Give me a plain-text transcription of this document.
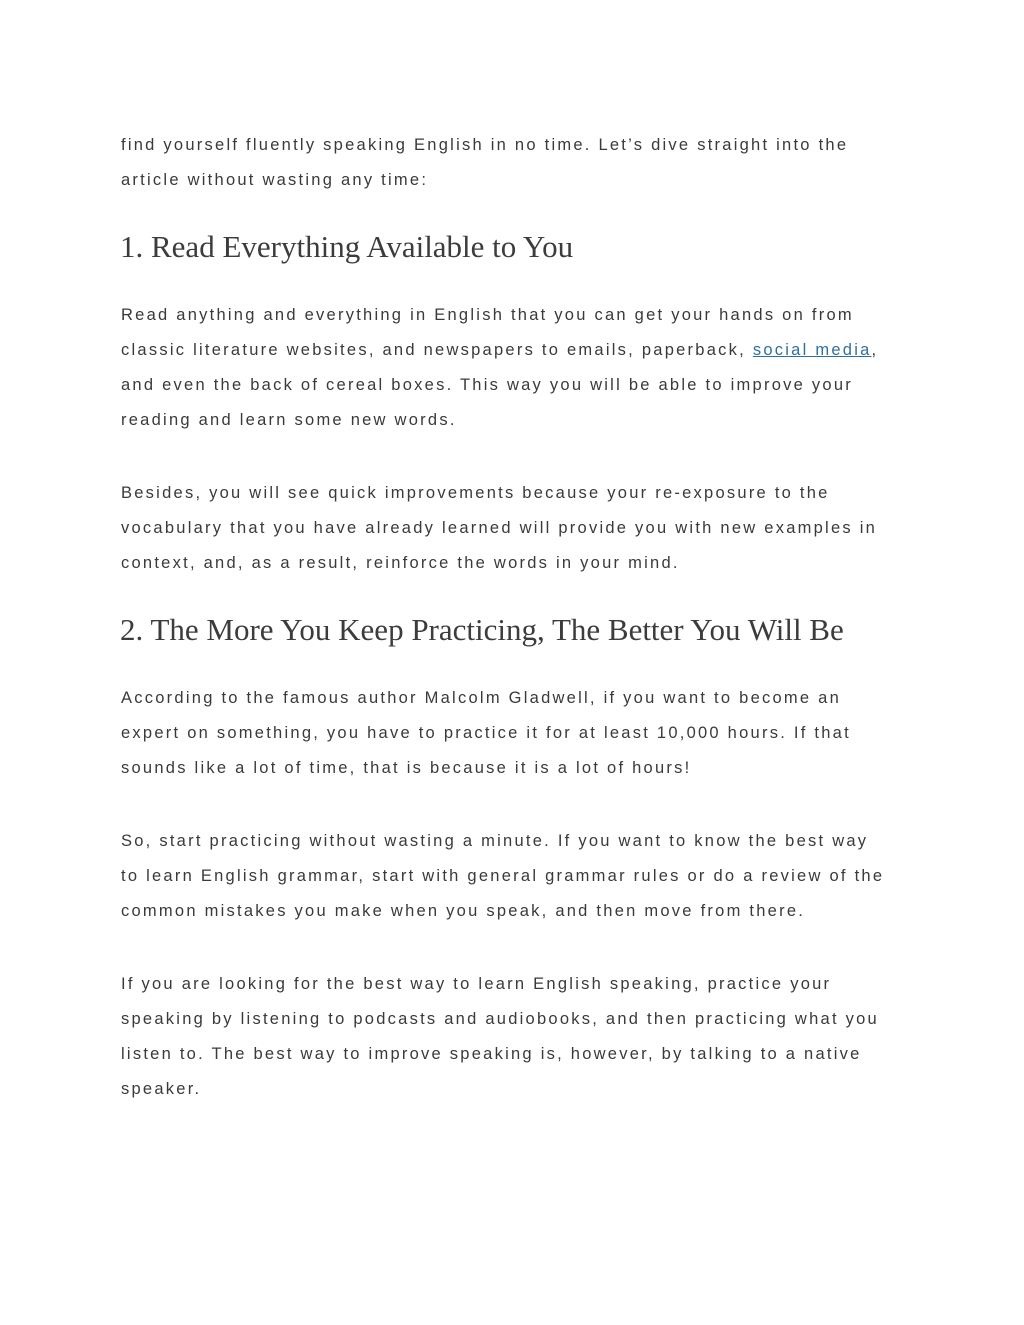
find yourself fluently speaking English in no time. Let’s dive straight into the
article without wasting any time:

1. Read Everything Available to You

Read anything and everything in English that you can get your hands on from
classic literature websites, and newspapers to emails, paperback, social media,
and even the back of cereal boxes. This way you will be able to improve your
reading and learn some new words.

Besides, you will see quick improvements because your re-exposure to the
vocabulary that you have already learned will provide you with new examples in
context, and, as a result, reinforce the words in your mind.

2. The More You Keep Practicing, The Better You Will Be

According to the famous author Malcolm Gladwell, if you want to become an
expert on something, you have to practice it for at least 10,000 hours. If that
sounds like a lot of time, that is because it is a lot of hours!

So, start practicing without wasting a minute. If you want to know the best way
to learn English grammar, start with general grammar rules or do a review of the
common mistakes you make when you speak, and then move from there.

If you are looking for the best way to learn English speaking, practice your
speaking by listening to podcasts and audiobooks, and then practicing what you
listen to. The best way to improve speaking is, however, by talking to a native
speaker.
